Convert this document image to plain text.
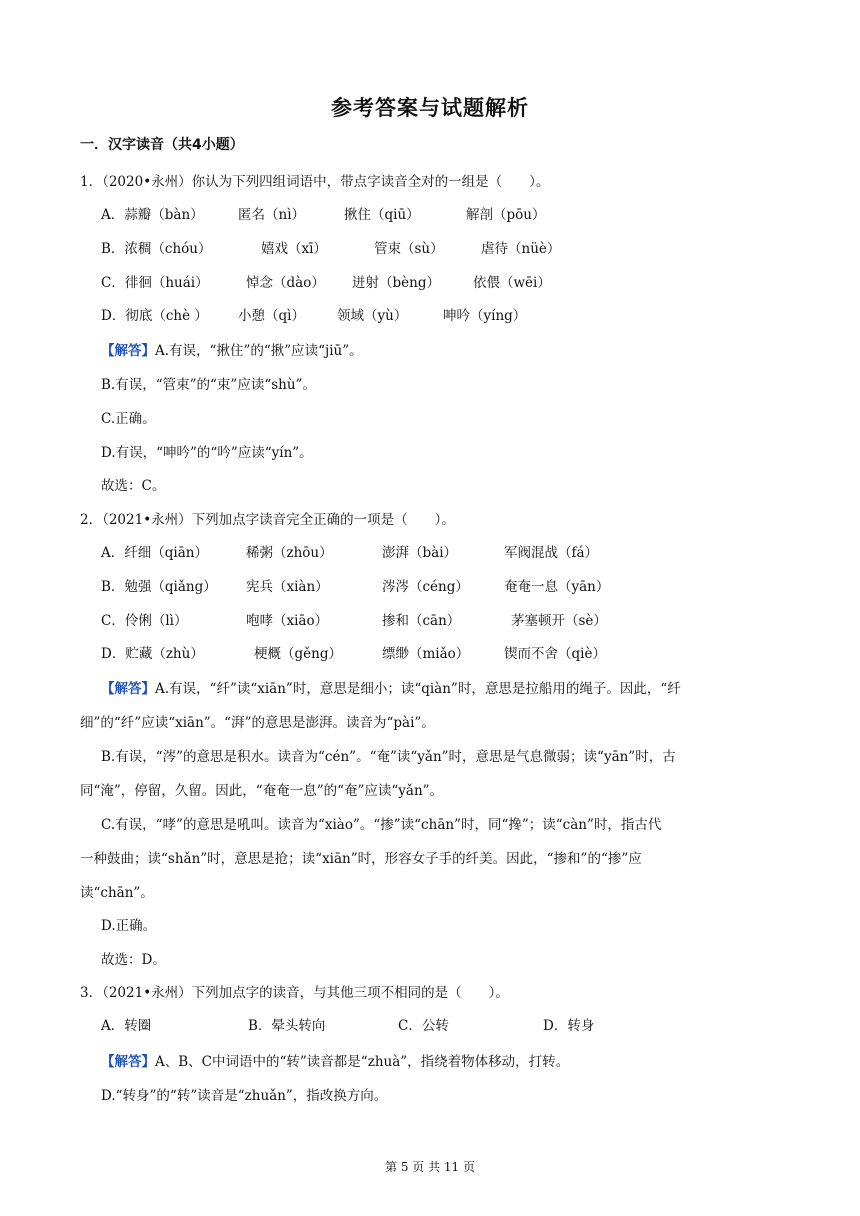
参考答案与试题解析
一．汉字读音（共4小题）
1．（2020•永州）你认为下列四组词语中，带点字读音全对的一组是（　　）。
A．蒜瓣（bàn）	匿名（nì）	揪住（qiū）	解剖（pōu）
B．浓稠（chóu）	嬉戏（xī）	管束（sù）	虐待（nüè）
C．徘徊（huái）	悼念（dào） 迸射（bèng） 依偎（wēi）
D．彻底（chè ） 小憩（qì） 领域（yù）	呻吟（yíng）
【解答】A.有误，“揪住”的“揪”应读“jiū”。
B.有误，“管束”的“束”应读“shù”。
C.正确。
D.有误，“呻吟”的“吟”应读“yín”。
故选：C。
2．（2021•永州）下列加点字读音完全正确的一项是（　　）。
A．纤细（qiān）	稀粥（zhōu）	澎湃（bài）	军阀混战（fá）
B．勉强（qiǎng） 宪兵（xiàn）	涔涔（céng）	奄奄一息（yān）
C．伶俐（lì）	咆哮（xiāo）	掺和（cān）	茅塞顿开（sè）
D．贮藏（zhù）	梗概（gěng）	缥缈（miǎo）	锲而不舍（qiè）
【解答】A.有误，“纤”读“xiān”时，意思是细小；读“qiàn”时，意思是拉船用的绳子。因此，“纤
细”的“纤”应读“xiān”。“湃”的意思是澎湃。读音为“pài”。
B.有误，“涔”的意思是积水。读音为“cén”。“奄”读“yǎn”时，意思是气息微弱；读“yān”时，古
同“淹”，停留，久留。因此，“奄奄一息”的“奄”应读“yǎn”。
C.有误，“哮”的意思是吼叫。读音为“xiào”。“掺”读“chān”时，同“搀”；读“càn”时，指古代
一种鼓曲；读“shǎn”时，意思是抢；读“xiān”时，形容女子手的纤美。因此，“掺和”的“掺”应
读“chān”。
D.正确。
故选：D。
3．（2021•永州）下列加点字的读音，与其他三项不相同的是（　　）。
A．转圈	B．晕头转向	C．公转	D．转身
【解答】A、B、C中词语中的“转”读音都是“zhuà”，指绕着物体移动，打转。
D.“转身”的“转”读音是“zhuǎn”，指改换方向。
第 5 页 共 11 页
